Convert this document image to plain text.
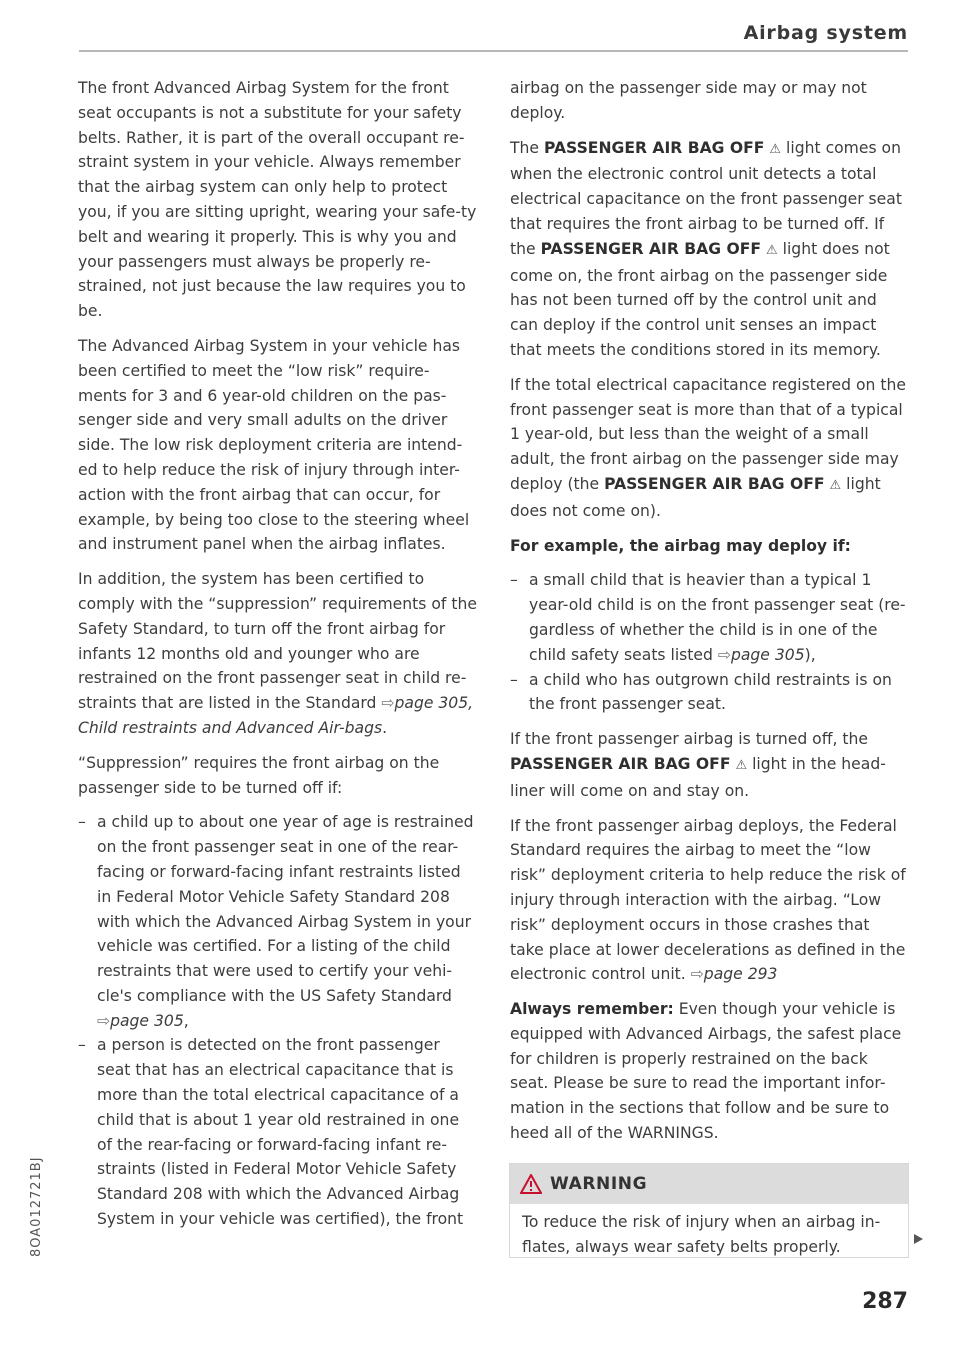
Airbag system

The front Advanced Airbag System for the front seat occupants is not a substitute for your safety belts. Rather, it is part of the overall occupant re-straint system in your vehicle. Always remember that the airbag system can only help to protect you, if you are sitting upright, wearing your safe-ty belt and wearing it properly. This is why you and your passengers must always be properly re-strained, not just because the law requires you to be.

The Advanced Airbag System in your vehicle has been certified to meet the “low risk” require-ments for 3 and 6 year-old children on the pas-senger side and very small adults on the driver side. The low risk deployment criteria are intend-ed to help reduce the risk of injury through inter-action with the front airbag that can occur, for example, by being too close to the steering wheel and instrument panel when the airbag inflates.

In addition, the system has been certified to comply with the “suppression” requirements of the Safety Standard, to turn off the front airbag for infants 12 months old and younger who are restrained on the front passenger seat in child re-straints that are listed in the Standard ⇨page 305, Child restraints and Advanced Air-bags.

“Suppression” requires the front airbag on the passenger side to be turned off if:

– a child up to about one year of age is restrained on the front passenger seat in one of the rear-facing or forward-facing infant restraints listed in Federal Motor Vehicle Safety Standard 208 with which the Advanced Airbag System in your vehicle was certified. For a listing of the child restraints that were used to certify your vehi-cle's compliance with the US Safety Standard ⇨page 305,
– a person is detected on the front passenger seat that has an electrical capacitance that is more than the total electrical capacitance of a child that is about 1 year old restrained in one of the rear-facing or forward-facing infant re-straints (listed in Federal Motor Vehicle Safety Standard 208 with which the Advanced Airbag System in your vehicle was certified), the front

airbag on the passenger side may or may not deploy.

The PASSENGER AIR BAG OFF ⚠ light comes on when the electronic control unit detects a total electrical capacitance on the front passenger seat that requires the front airbag to be turned off. If the PASSENGER AIR BAG OFF ⚠ light does not come on, the front airbag on the passenger side has not been turned off by the control unit and can deploy if the control unit senses an impact that meets the conditions stored in its memory.

If the total electrical capacitance registered on the front passenger seat is more than that of a typical 1 year-old, but less than the weight of a small adult, the front airbag on the passenger side may deploy (the PASSENGER AIR BAG OFF ⚠ light does not come on).

For example, the airbag may deploy if:

– a small child that is heavier than a typical 1 year-old child is on the front passenger seat (re-gardless of whether the child is in one of the child safety seats listed ⇨page 305),
– a child who has outgrown child restraints is on the front passenger seat.

If the front passenger airbag is turned off, the PASSENGER AIR BAG OFF ⚠ light in the head-liner will come on and stay on.

If the front passenger airbag deploys, the Federal Standard requires the airbag to meet the “low risk” deployment criteria to help reduce the risk of injury through interaction with the airbag. “Low risk” deployment occurs in those crashes that take place at lower decelerations as defined in the electronic control unit. ⇨page 293

Always remember: Even though your vehicle is equipped with Advanced Airbags, the safest place for children is properly restrained on the back seat. Please be sure to read the important infor-mation in the sections that follow and be sure to heed all of the WARNINGS.

WARNING
To reduce the risk of injury when an airbag in-flates, always wear safety belts properly.
287
8OA012721BJ
